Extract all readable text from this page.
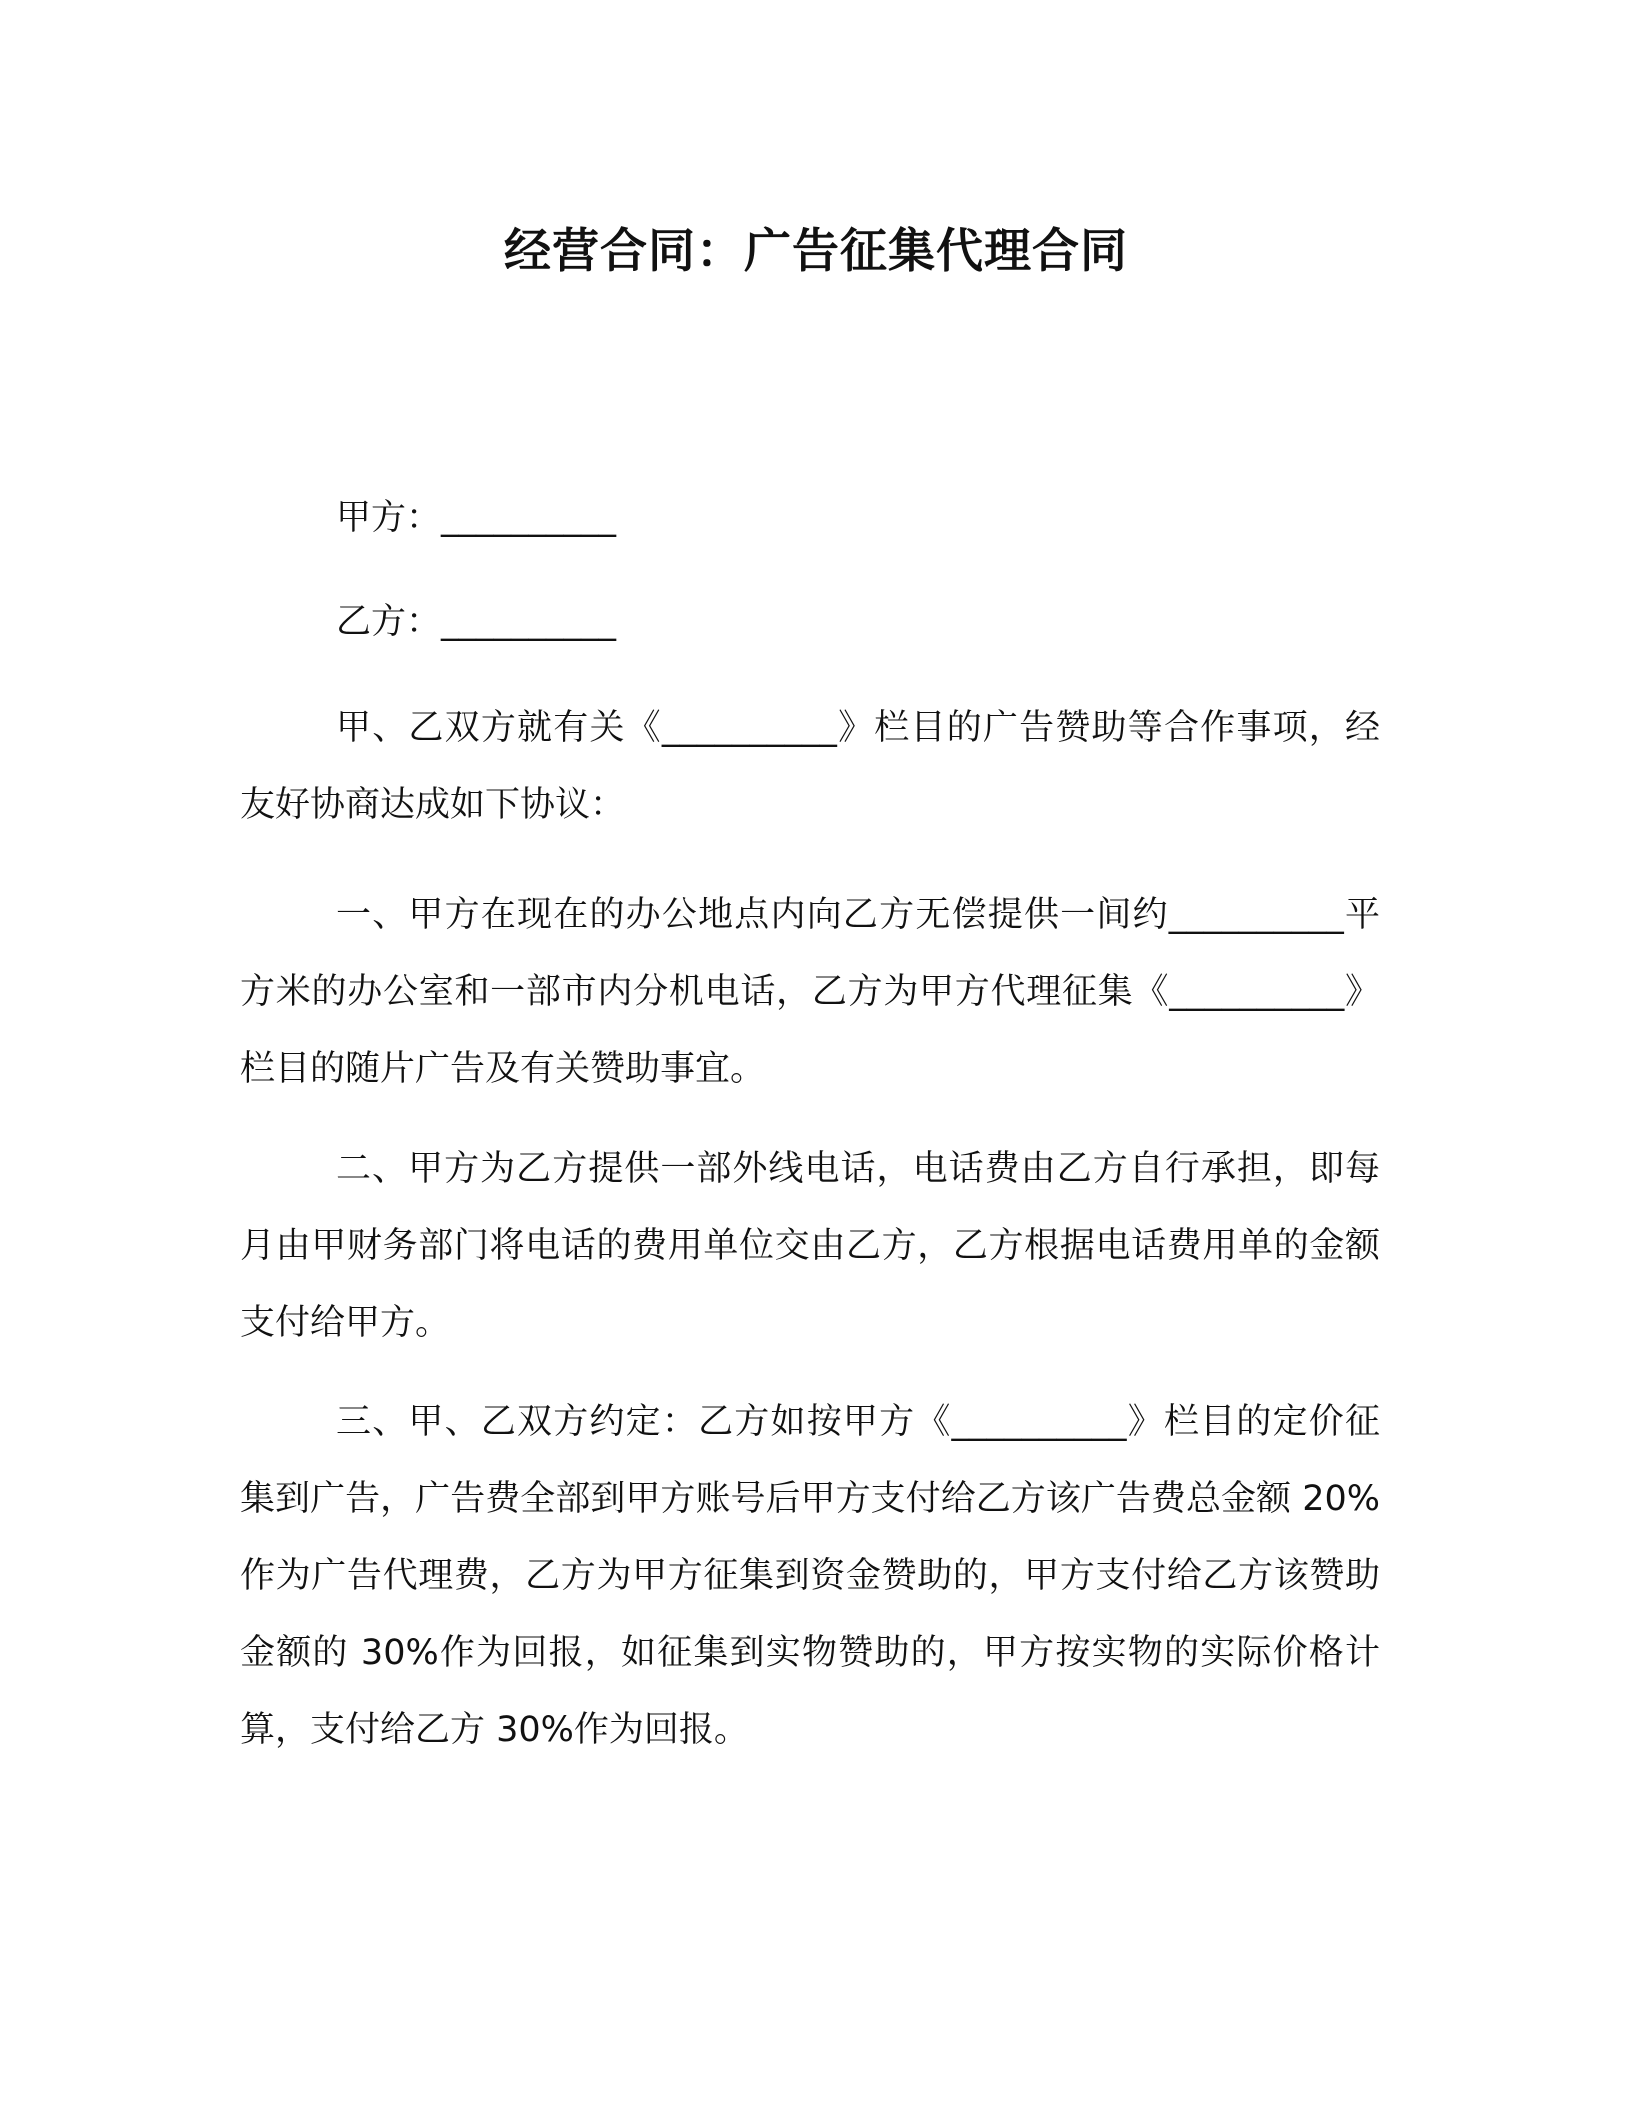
经营合同：广告征集代理合同
甲方：__________
乙方：__________
甲、乙双方就有关《__________》栏目的广告赞助等合作事项，经友好协商达成如下协议：
一、甲方在现在的办公地点内向乙方无偿提供一间约__________平方米的办公室和一部市内分机电话，乙方为甲方代理征集《__________》栏目的随片广告及有关赞助事宜。
二、甲方为乙方提供一部外线电话，电话费由乙方自行承担，即每月由甲财务部门将电话的费用单位交由乙方，乙方根据电话费用单的金额支付给甲方。
三、甲、乙双方约定：乙方如按甲方《__________》栏目的定价征集到广告，广告费全部到甲方账号后甲方支付给乙方该广告费总金额 20%作为广告代理费，乙方为甲方征集到资金赞助的，甲方支付给乙方该赞助金额的 30%作为回报，如征集到实物赞助的，甲方按实物的实际价格计算，支付给乙方 30%作为回报。
